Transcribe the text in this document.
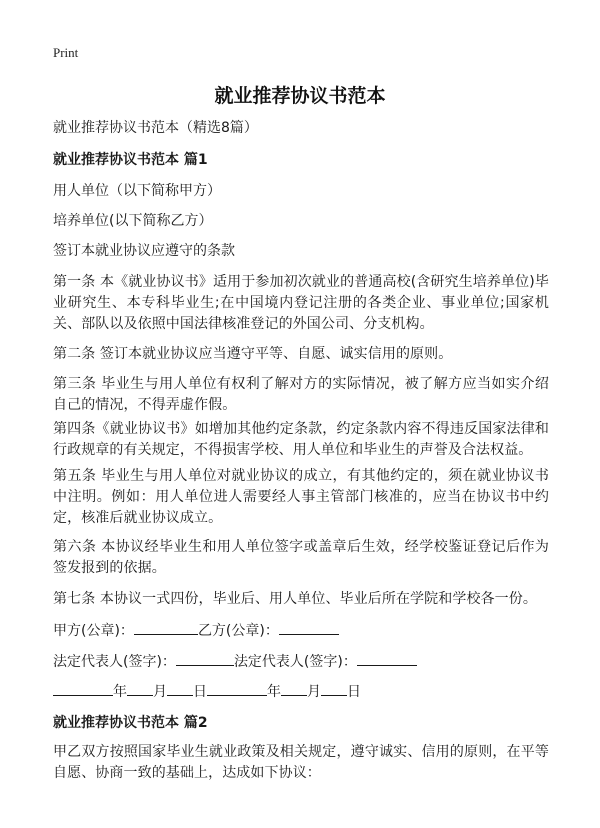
Print
就业推荐协议书范本

就业推荐协议书范本（精选8篇）

就业推荐协议书范本 篇1

用人单位（以下简称甲方）

培养单位(以下简称乙方）

签订本就业协议应遵守的条款

第一条 本《就业协议书》适用于参加初次就业的普通高校(含研究生培养单位)毕业研究生、本专科毕业生;在中国境内登记注册的各类企业、事业单位;国家机关、部队以及依照中国法律核准登记的外国公司、分支机构。

第二条 签订本就业协议应当遵守平等、自愿、诚实信用的原则。

第三条 毕业生与用人单位有权利了解对方的实际情况，被了解方应当如实介绍自己的情况，不得弄虚作假。

第四条《就业协议书》如增加其他约定条款，约定条款内容不得违反国家法律和行政规章的有关规定，不得损害学校、用人单位和毕业生的声誉及合法权益。

第五条 毕业生与用人单位对就业协议的成立，有其他约定的，须在就业协议书中注明。例如：用人单位进人需要经人事主管部门核准的，应当在协议书中约定，核准后就业协议成立。

第六条 本协议经毕业生和用人单位签字或盖章后生效，经学校鉴证登记后作为签发报到的依据。

第七条 本协议一式四份，毕业后、用人单位、毕业后所在学院和学校各一份。

甲方(公章)：	乙方(公章)：

法定代表人(签字)：	法定代表人(签字)：

年 月 日	年 月 日

就业推荐协议书范本 篇2

甲乙双方按照国家毕业生就业政策及相关规定，遵守诚实、信用的原则，在平等自愿、协商一致的基础上，达成如下协议：
